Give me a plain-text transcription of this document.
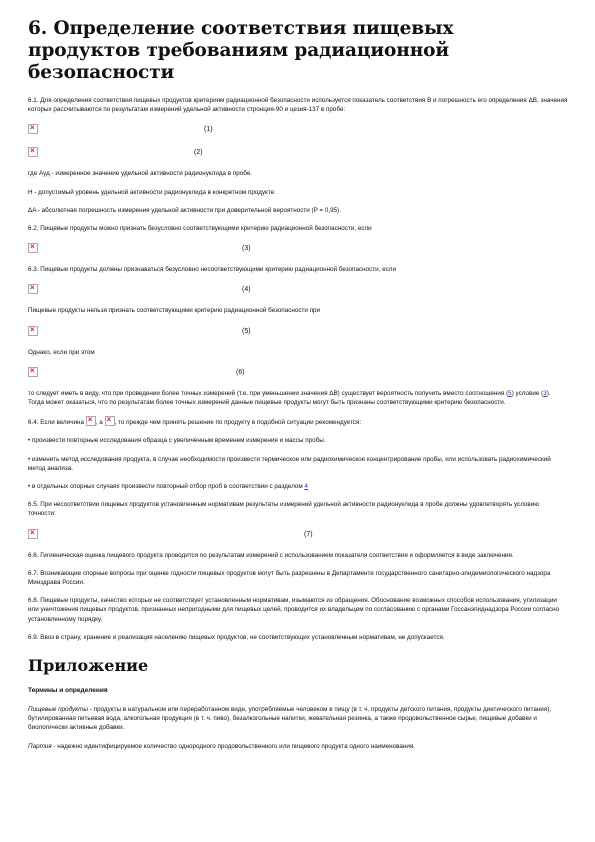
6. Определение соответствия пищевых продуктов требованиям радиационной безопасности

6.1. Для определения соответствия пищевых продуктов критериям радиационной безопасности используется показатель соответствия B и погрешность его определения ΔB, значения которых рассчитываются по результатам измерений удельной активности стронция-90 и цезия-137 в пробе:

×
(1)
×
(2)

где Aуд - измеренное значение удельной активности радионуклида в пробе.

H - допустимый уровень удельной активности радионуклида в конкретном продукте.

ΔA - абсолютная погрешность измерения удельной активности при доверительной вероятности (P = 0,95).

6.2. Пищевые продукты можно признать безусловно соответствующими критерию радиационной безопасности, если

×
(3)

6.3. Пищевые продукты должны признаваться безусловно несоответствующими критерию радиационной безопасности, если

×
(4)

Пищевые продукты нельзя признать соответствующими критерию радиационной безопасности при

×
(5)

Однако, если при этом

×
(6)

то следует иметь в виду, что при проведении более точных измерений (т.е. при уменьшении значения ΔB) существует вероятность получить вместо соотношения (5) условие (3). Тогда может оказаться, что по результатам более точных измерений данные пищевые продукты могут быть признаны соответствующими критерию безопасности.

6.4. Если величина × , а × , то прежде чем принять решение по продукту в подобной ситуации рекомендуется:

• произвести повторные исследования образца с увеличенным временем измерения и массы пробы.

• изменить метод исследования продукта, в случае необходимости произвести термическое или радиохимическое концентрирование пробы, или использовать радиохимический метод анализа.

• в отдельных спорных случаях произвести повторный отбор проб в соответствии с разделом 4

6.5. При несоответствии пищевых продуктов установленным нормативам результаты измерений удельной активности радионуклида в пробе должны удовлетворять условию точности:

×
(7)

6.6. Гигиеническая оценка пищевого продукта проводится по результатам измерений с использованием показателя соответствия и оформляется в виде заключения.

6.7. Возникающие спорные вопросы при оценке годности пищевых продуктов могут быть разрешены в Департаменте государственного санитарно-эпидемиологического надзора Минздрава России.

6.8. Пищевые продукты, качество которых не соответствует установленным нормативам, изымаются из обращения. Обоснование возможных способов использования, утилизации или уничтожения пищевых продуктов, признанных непригодными для пищевых целей, проводится их владельцем по согласованию с органами Госсанэпиднадзора России согласно установленному порядку.

6.9. Ввоз в страну, хранение и реализация населению пищевых продуктов, не соответствующих установленным нормативам, не допускается.

Приложение
Термины и определения

Пищевые продукты - продукты в натуральном или переработанном виде, употребляемые человеком в пищу (в т. ч. продукты детского питания, продукты диетического питания), бутилированная питьевая вода, алкогольная продукция (в т. ч. пиво), безалкогольные напитки, жевательная резинка, а также продовольственное сырье, пищевые добавки и биологически активные добавки.

Партия - надежно идентифицируемое количество однородного продовольственного или пищевого продукта одного наименования.
